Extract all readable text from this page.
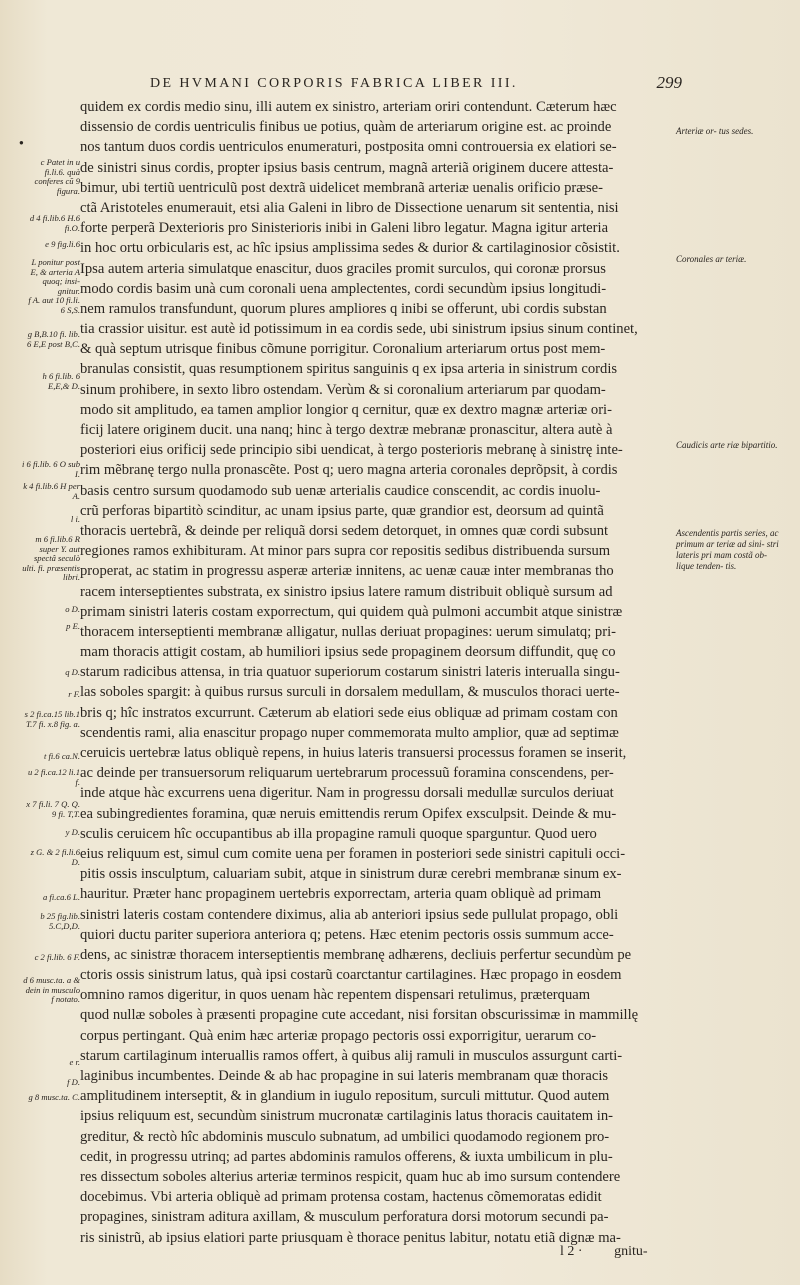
DE HVMANI CORPORIS FABRICA LIBER III.	299
●
quidem ex cordis medio sinu, illi autem ex sinistro, arteriam oriri contendunt. Cæterum hæc
dissensio de cordis uentriculis finibus ue potius, quàm de arteriarum origine est. ac proinde
nos tantum duos cordis uentriculos enumeraturi, postposita omni controuersia ex elatiori se-
de sinistri sinus cordis, propter ipsius basis centrum, magnã arteriã originem ducere attesta-
bimur, ubi tertiũ uentriculũ post dextrã uidelicet membranã arteriæ uenalis orificio præse-
ctã Aristoteles enumerauit, etsi alia Galeni in libro de Dissectione uenarum sit sententia, nisi
forte perperã Dexterioris pro Sinisterioris inibi in Galeni libro legatur. Magna igitur arteria
in hoc ortu orbicularis est, ac hîc ipsius amplissima sedes & durior & cartilaginosior cõsistit.
Ipsa autem arteria simulatque enascitur, duos graciles promit surculos, qui coronæ prorsus
modo cordis basim unà cum coronali uena amplectentes, cordi secundùm ipsius longitudi-
nem ramulos transfundunt, quorum plures ampliores q inibi se offerunt, ubi cordis substan
tia crassior uisitur. est autè id potissimum in ea cordis sede, ubi sinistrum ipsius sinum continet,
& quà septum utrisque finibus cõmune porrigitur. Coronalium arteriarum ortus post mem-
branulas consistit, quas resumptionem spiritus sanguinis q ex ipsa arteria in sinistrum cordis
sinum prohibere, in sexto libro ostendam. Verùm & si coronalium arteriarum par quodam-
modo sit amplitudo, ea tamen amplior longior q cernitur, quæ ex dextro magnæ arteriæ ori-
ficij latere originem ducit. una nanq; hinc à tergo dextræ mebranæ pronascitur, altera autè à
posteriori eius orificij sede principio sibi uendicat, à tergo posterioris mebranę à sinistrę inte-
rim mẽbranę tergo nulla pronascẽte. Post q; uero magna arteria coronales deprõpsit, à cordis
basis centro sursum quodamodo sub uenæ arterialis caudice conscendit, ac cordis inuolu-
crũ perforas bipartitò scinditur, ac unam ipsius parte, quæ grandior est, deorsum ad quintã
thoracis uertebrã, & deinde per reliquã dorsi sedem detorquet, in omnes quæ cordi subsunt
regiones ramos exhibituram. At minor pars supra cor repositis sedibus distribuenda sursum
properat, ac statim in progressu asperæ arteriæ innitens, ac uenæ cauæ inter membranas tho
racem interseptientes substrata, ex sinistro ipsius latere ramum distribuit obliquè sursum ad
primam sinistri lateris costam exporrectum, qui quidem quà pulmoni accumbit atque sinistræ
thoracem interseptienti membranæ alligatur, nullas deriuat propagines: uerum simulatq; pri-
mam thoracis attigit costam, ab humiliori ipsius sede propaginem deorsum diffundit, quę co
starum radicibus attensa, in tria quatuor superiorum costarum sinistri lateris interualla singu-
las soboles spargit: à quibus rursus surculi in dorsalem medullam, & musculos thoraci uerte-
bris q; hîc instratos excurrunt. Cæterum ab elatiori sede eius obliquæ ad primam costam con
scendentis rami, alia enascitur propago nuper commemorata multo amplior, quæ ad septimæ
ceruicis uertebræ latus obliquè repens, in huius lateris transuersi processus foramen se inserit,
ac deinde per transuersorum reliquarum uertebrarum processuũ foramina conscendens, per-
inde atque hàc excurrens uena digeritur. Nam in progressu dorsali medullæ surculos deriuat
ea subingredientes foramina, quæ neruis emittendis rerum Opifex exsculpsit. Deinde & mu-
sculis ceruicem hîc occupantibus ab illa propagine ramuli quoque sparguntur. Quod uero
eius reliquum est, simul cum comite uena per foramen in posteriori sede sinistri capituli occi-
pitis ossis insculptum, caluariam subit, atque in sinistrum duræ cerebri membranæ sinum ex-
hauritur. Præter hanc propaginem uertebris exporrectam, arteria quam obliquè ad primam
sinistri lateris costam contendere diximus, alia ab anteriori ipsius sede pullulat propago, obli
quiori ductu pariter superiora anteriora q; petens. Hæc etenim pectoris ossis summum acce-
dens, ac sinistræ thoracem interseptientis membranę adhærens, decliuis perfertur secundùm pe
ctoris ossis sinistrum latus, quà ipsi costarũ coarctantur cartilagines. Hæc propago in eosdem
omnino ramos digeritur, in quos uenam hàc repentem dispensari retulimus, præterquam
quod nullæ soboles à præsenti propagine cute accedant, nisi forsitan obscurissimæ in mammillę
corpus pertingant. Quà enim hæc arteriæ propago pectoris ossi exporrigitur, uerarum co-
starum cartilaginum interuallis ramos offert, à quibus alij ramuli in musculos assurgunt carti-
laginibus incumbentes. Deinde & ab hac propagine in sui lateris membranam quæ thoracis
amplitudinem interseptit, & in glandium in iugulo repositum, surculi mittutur. Quod autem
ipsius reliquum est, secundùm sinistrum mucronatæ cartilaginis latus thoracis cauitatem in-
greditur, & rectò hîc abdominis musculo subnatum, ad umbilici quodamodo regionem pro-
cedit, in progressu utrinq; ad partes abdominis ramulos offerens, & iuxta umbilicum in plu-
res dissectum soboles alterius arteriæ terminos respicit, quam huc ab imo sursum contendere
docebimus. Vbi arteria obliquè ad primam protensa costam, hactenus cõmemoratas edidit
propagines, sinistram aditura axillam, & musculum perforatura dorsi motorum secundi pa-
ris sinistrũ, ab ipsius elatiori parte priusquam è thorace penitus labitur, notatu etiã dignæ ma-
c Patet in u fi.li.6. quà conferes cũ 9 figura.
d 4 fi.lib.6 H.6 fi.O.
e 9 fig.li.6
L ponitur post E, & arteria A quoq; insi- gnitur.
f A. aut 10 fi.li. 6 S,S.
g B,B.10 fi. lib. 6 E,E post B,C.
h 6 fi.lib. 6 E,E,& D.
i 6 fi.lib. 6 O sub I.
k 4 fi.lib.6 H per A.
l i.
m 6 fi.lib.6 R super Y. aut spectâ seculò ulti. fi. præsentis libri.
o D.
p E.
q D.
r F.
s 2 fi.ca.15 lib.1 T.7 fi. x.8 fig. a.
t fi.6 ca.N.
u 2 fi.ca.12 li.1 f.
x 7 fi.li. 7 Q. Q. 9 fi. T,T.
y D.
z G. & 2 fi.li.6 D.
a fi.ca.6 L.
b 25 fig.lib. 5.C,D,D.
c 2 fi.lib. 6 F.
d 6 musc.ta. a & dein in musculo f notato.
e r.
f D.
g 8 musc.ta. C.
Arteriæ or- tus sedes.
Coronales ar teriæ.
Caudicis arte riæ bipartitio.
Ascendentis partis series, ac primum ar teriæ ad sini- stri lateris pri mam costã ob- lique tenden- tis.
l 2 · gnitu-
